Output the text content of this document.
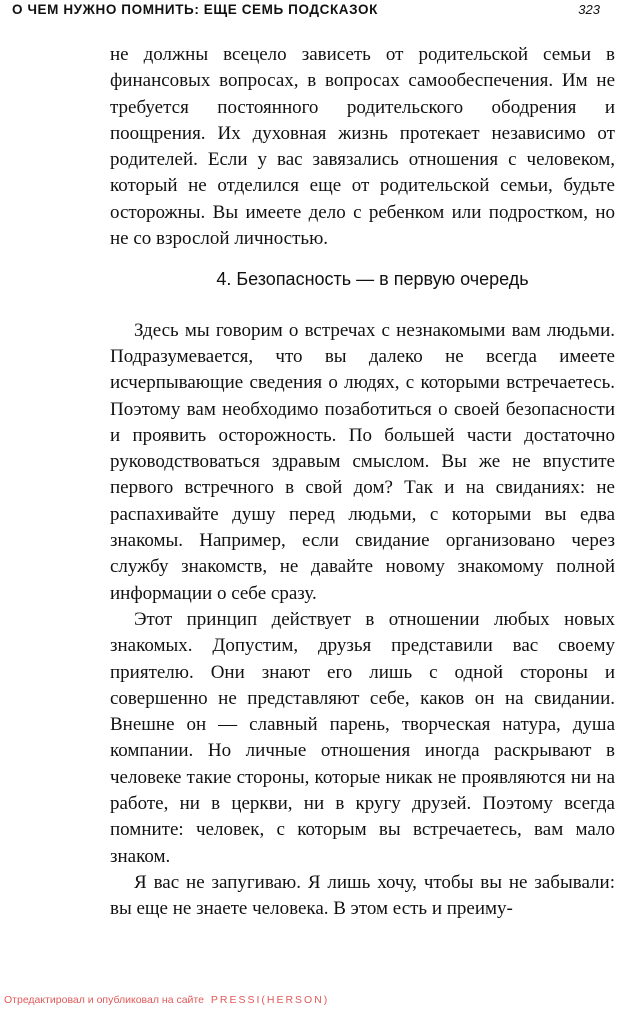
О ЧЕМ НУЖНО ПОМНИТЬ: ЕЩЕ СЕМЬ ПОДСКАЗОК	323

не должны всецело зависеть от родительской семьи в финансовых вопросах, в вопросах самообеспечения. Им не требуется постоянного родительского ободрения и поощрения. Их духовная жизнь протекает независимо от родителей. Если у вас завязались отношения с человеком, который не отделился еще от родительской семьи, будьте осторожны. Вы имеете дело с ребенком или подростком, но не со взрослой личностью.

4. Безопасность — в первую очередь

Здесь мы говорим о встречах с незнакомыми вам людьми. Подразумевается, что вы далеко не всегда имеете исчерпывающие сведения о людях, с которыми встречаетесь. Поэтому вам необходимо позаботиться о своей безопасности и проявить осторожность. По большей части достаточно руководствоваться здравым смыслом. Вы же не впустите первого встречного в свой дом? Так и на свиданиях: не распахивайте душу перед людьми, с которыми вы едва знакомы. Например, если свидание организовано через службу знакомств, не давайте новому знакомому полной информации о себе сразу.

Этот принцип действует в отношении любых новых знакомых. Допустим, друзья представили вас своему приятелю. Они знают его лишь с одной стороны и совершенно не представляют себе, каков он на свидании. Внешне он — славный парень, творческая натура, душа компании. Но личные отношения иногда раскрывают в человеке такие стороны, которые никак не проявляются ни на работе, ни в церкви, ни в кругу друзей. Поэтому всегда помните: человек, с которым вы встречаетесь, вам мало знаком.

Я вас не запугиваю. Я лишь хочу, чтобы вы не забывали: вы еще не знаете человека. В этом есть и преиму-

Отредактировал и опубликовал на сайте PRESSI(HERSON)
